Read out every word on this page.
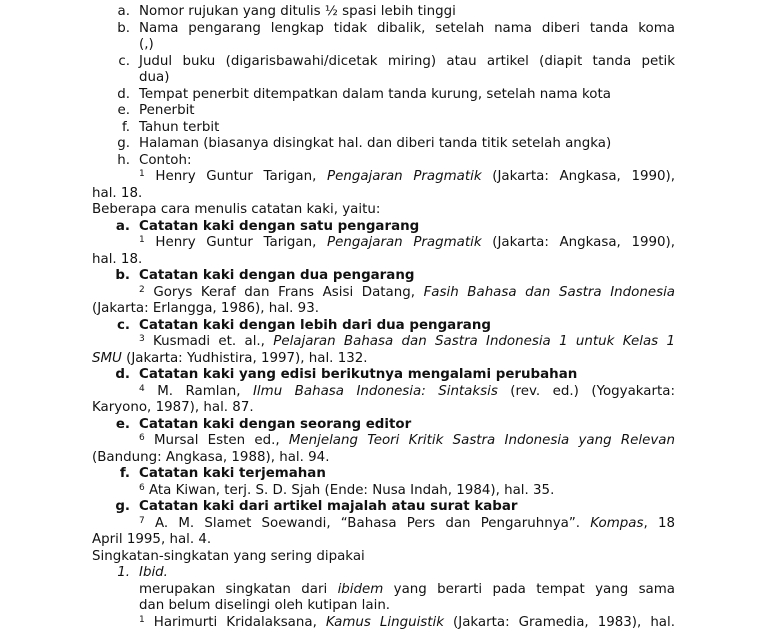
a. Nomor rujukan yang ditulis ½ spasi lebih tinggi
b. Nama pengarang lengkap tidak dibalik, setelah nama diberi tanda koma
(,)
c. Judul buku (digarisbawahi/dicetak miring) atau artikel (diapit tanda petik
dua)
d. Tempat penerbit ditempatkan dalam tanda kurung, setelah nama kota
e. Penerbit
f. Tahun terbit
g. Halaman (biasanya disingkat hal. dan diberi tanda titik setelah angka)
h. Contoh:
$^1$ Henry Guntur Tarigan, Pengajaran Pragmatik (Jakarta: Angkasa, 1990),
hal. 18.
Beberapa cara menulis catatan kaki, yaitu:
a. Catatan kaki dengan satu pengarang
$^1$ Henry Guntur Tarigan, Pengajaran Pragmatik (Jakarta: Angkasa, 1990),
hal. 18.
b. Catatan kaki dengan dua pengarang
$^2$ Gorys Keraf dan Frans Asisi Datang, Fasih Bahasa dan Sastra Indonesia
(Jakarta: Erlangga, 1986), hal. 93.
c. Catatan kaki dengan lebih dari dua pengarang
$^3$ Kusmadi et. al., Pelajaran Bahasa dan Sastra Indonesia 1 untuk Kelas 1
SMU (Jakarta: Yudhistira, 1997), hal. 132.
d. Catatan kaki yang edisi berikutnya mengalami perubahan
$^4$ M. Ramlan, Ilmu Bahasa Indonesia: Sintaksis (rev. ed.) (Yogyakarta:
Karyono, 1987), hal. 87.
e. Catatan kaki dengan seorang editor
$^6$ Mursal Esten ed., Menjelang Teori Kritik Sastra Indonesia yang Relevan
(Bandung: Angkasa, 1988), hal. 94.
f. Catatan kaki terjemahan
$^6$ Ata Kiwan, terj. S. D. Sjah (Ende: Nusa Indah, 1984), hal. 35.
g. Catatan kaki dari artikel majalah atau surat kabar
$^7$ A. M. Slamet Soewandi, “Bahasa Pers dan Pengaruhnya”. Kompas, 18
April 1995, hal. 4.
Singkatan-singkatan yang sering dipakai
1. Ibid.
merupakan singkatan dari ibidem yang berarti pada tempat yang sama
dan belum diselingi oleh kutipan lain.
$^1$ Harimurti Kridalaksana, Kamus Linguistik (Jakarta: Gramedia, 1983), hal.
